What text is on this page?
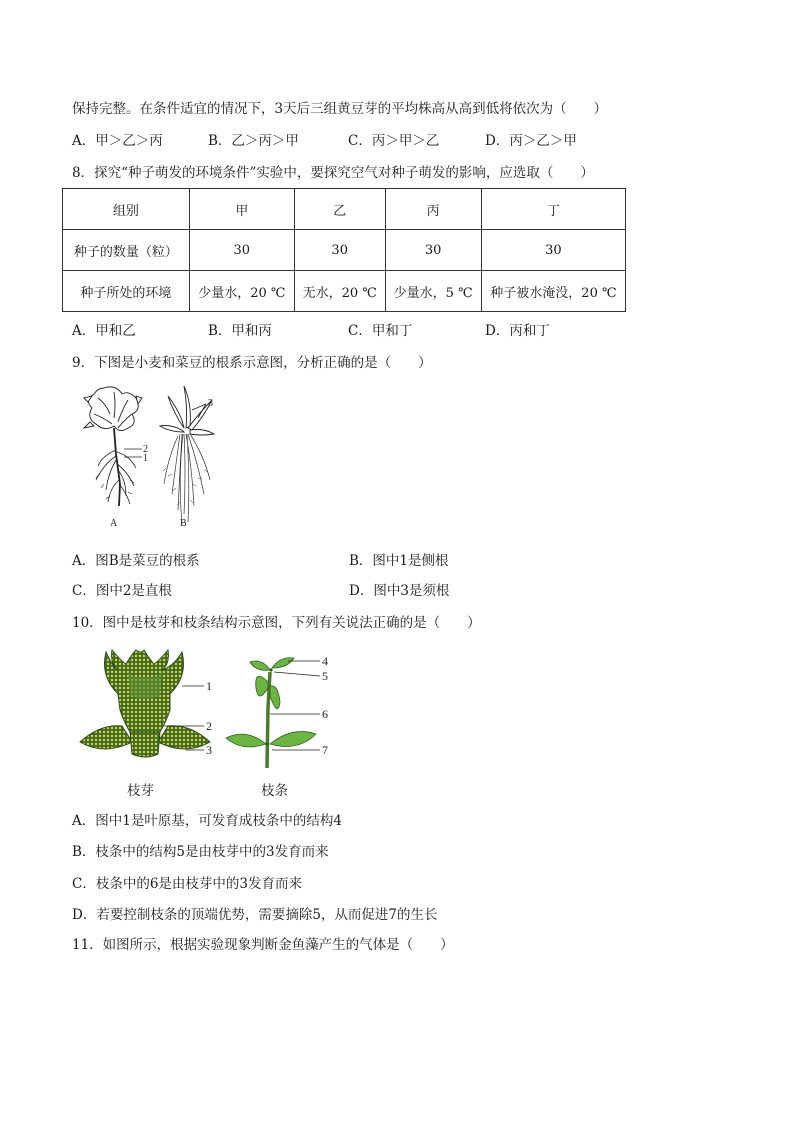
保持完整。在条件适宜的情况下，3天后三组黄豆芽的平均株高从高到低将依次为（　　）
A．甲＞乙＞丙	B．乙＞丙＞甲	C．丙＞甲＞乙	D．丙＞乙＞甲
8．探究“种子萌发的环境条件”实验中，要探究空气对种子萌发的影响，应选取（　　）
组别	甲	乙	丙	丁
种子的数量（粒）	30	30	30	30
种子所处的环境	少量水，20 ℃	无水，20 ℃	少量水，5 ℃	种子被水淹没，20 ℃
A．甲和乙	B．甲和丙	C．甲和丁	D．丙和丁
9．下图是小麦和菜豆的根系示意图，分析正确的是（　　）
2
1
3
A	B
A．图B是菜豆的根系	B．图中1是侧根
C．图中2是直根	D．图中3是须根
10．图中是枝芽和枝条结构示意图，下列有关说法正确的是（　　）
1
2
3
4
5
6
7
枝芽	枝条
A．图中1是叶原基，可发育成枝条中的结构4
B．枝条中的结构5是由枝芽中的3发育而来
C．枝条中的6是由枝芽中的3发育而来
D．若要控制枝条的顶端优势，需要摘除5，从而促进7的生长
11．如图所示，根据实验现象判断金鱼藻产生的气体是（　　）
